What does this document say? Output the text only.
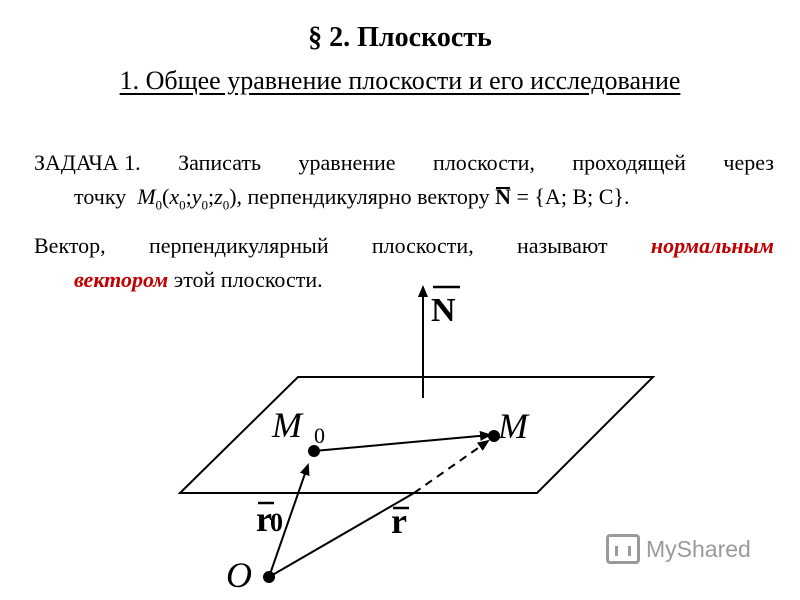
§ 2. Плоскость
1. Общее уравнение плоскости и его исследование
ЗАДАЧА 1. Записать уравнение плоскости, проходящей через
точку $M_0(x_0;y_0;z_0)$, перпендикулярно вектору N = {A; B; C}.
Вектор, перпендикулярный плоскости, называют нормальным
вектором этой плоскости.
N
M 0	M
O
r
0	r
MyShared
